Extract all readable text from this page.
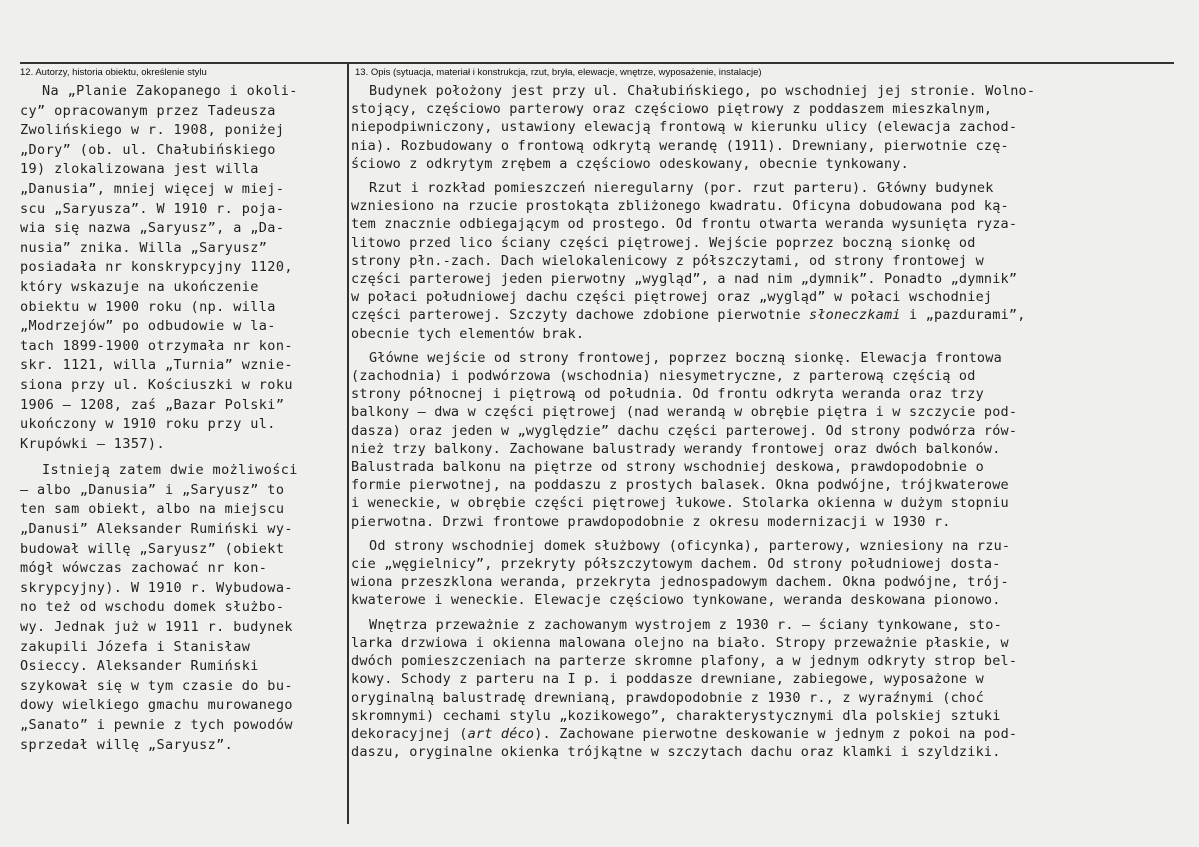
12. Autorzy, historia obiektu, określenie stylu	13. Opis (sytuacja, materiał i konstrukcja, rzut, bryła, elewacje, wnętrze, wyposażenie, instalacje)
Na „Planie Zakopanego i okoli-
cy” opracowanym przez Tadeusza
Zwolińskiego w r. 1908, poniżej
„Dory” (ob. ul. Chałubińskiego
19) zlokalizowana jest willa
„Danusia”, mniej więcej w miej-
scu „Saryusza”. W 1910 r. poja-
wia się nazwa „Saryusz”, a „Da-
nusia” znika. Willa „Saryusz”
posiadała nr konskrypcyjny 1120,
który wskazuje na ukończenie
obiektu w 1900 roku (np. willa
„Modrzejów” po odbudowie w la-
tach 1899-1900 otrzymała nr kon-
skr. 1121, willa „Turnia” wznie-
siona przy ul. Kościuszki w roku
1906 – 1208, zaś „Bazar Polski”
ukończony w 1910 roku przy ul.
Krupówki – 1357).
Istnieją zatem dwie możliwości
– albo „Danusia” i „Saryusz” to
ten sam obiekt, albo na miejscu
„Danusi” Aleksander Rumiński wy-
budował willę „Saryusz” (obiekt
mógł wówczas zachować nr kon-
skrypcyjny). W 1910 r. Wybudowa-
no też od wschodu domek służbo-
wy. Jednak już w 1911 r. budynek
zakupili Józefa i Stanisław
Osieccy. Aleksander Rumiński
szykował się w tym czasie do bu-
dowy wielkiego gmachu murowanego
„Sanato” i pewnie z tych powodów
sprzedał willę „Saryusz”.
Budynek położony jest przy ul. Chałubińskiego, po wschodniej jej stronie. Wolno-
stojący, częściowo parterowy oraz częściowo piętrowy z poddaszem mieszkalnym,
niepodpiwniczony, ustawiony elewacją frontową w kierunku ulicy (elewacja zachod-
nia). Rozbudowany o frontową odkrytą werandę (1911). Drewniany, pierwotnie czę-
ściowo z odkrytym zrębem a częściowo odeskowany, obecnie tynkowany.
Rzut i rozkład pomieszczeń nieregularny (por. rzut parteru). Główny budynek
wzniesiono na rzucie prostokąta zbliżonego kwadratu. Oficyna dobudowana pod ką-
tem znacznie odbiegającym od prostego. Od frontu otwarta weranda wysunięta ryza-
litowo przed lico ściany części piętrowej. Wejście poprzez boczną sionkę od
strony płn.-zach. Dach wielokalenicowy z półszczytami, od strony frontowej w
części parterowej jeden pierwotny „wygląd”, a nad nim „dymnik”. Ponadto „dymnik”
w połaci południowej dachu części piętrowej oraz „wygląd” w połaci wschodniej
części parterowej. Szczyty dachowe zdobione pierwotnie słoneczkami i „pazdurami”,
obecnie tych elementów brak.
Główne wejście od strony frontowej, poprzez boczną sionkę. Elewacja frontowa
(zachodnia) i podwórzowa (wschodnia) niesymetryczne, z parterową częścią od
strony północnej i piętrową od południa. Od frontu odkryta weranda oraz trzy
balkony – dwa w części piętrowej (nad werandą w obrębie piętra i w szczycie pod-
dasza) oraz jeden w „wyględzie” dachu części parterowej. Od strony podwórza rów-
nież trzy balkony. Zachowane balustrady werandy frontowej oraz dwóch balkonów.
Balustrada balkonu na piętrze od strony wschodniej deskowa, prawdopodobnie o
formie pierwotnej, na poddaszu z prostych balasek. Okna podwójne, trójkwaterowe
i weneckie, w obrębie części piętrowej łukowe. Stolarka okienna w dużym stopniu
pierwotna. Drzwi frontowe prawdopodobnie z okresu modernizacji w 1930 r.
Od strony wschodniej domek służbowy (oficynka), parterowy, wzniesiony na rzu-
cie „węgielnicy”, przekryty półszczytowym dachem. Od strony południowej dosta-
wiona przeszklona weranda, przekryta jednospadowym dachem. Okna podwójne, trój-
kwaterowe i weneckie. Elewacje częściowo tynkowane, weranda deskowana pionowo.
Wnętrza przeważnie z zachowanym wystrojem z 1930 r. – ściany tynkowane, sto-
larka drzwiowa i okienna malowana olejno na biało. Stropy przeważnie płaskie, w
dwóch pomieszczeniach na parterze skromne plafony, a w jednym odkryty strop bel-
kowy. Schody z parteru na I p. i poddasze drewniane, zabiegowe, wyposażone w
oryginalną balustradę drewnianą, prawdopodobnie z 1930 r., z wyraźnymi (choć
skromnymi) cechami stylu „kozikowego”, charakterystycznymi dla polskiej sztuki
dekoracyjnej (art déco). Zachowane pierwotne deskowanie w jednym z pokoi na pod-
daszu, oryginalne okienka trójkątne w szczytach dachu oraz klamki i szyldziki.
